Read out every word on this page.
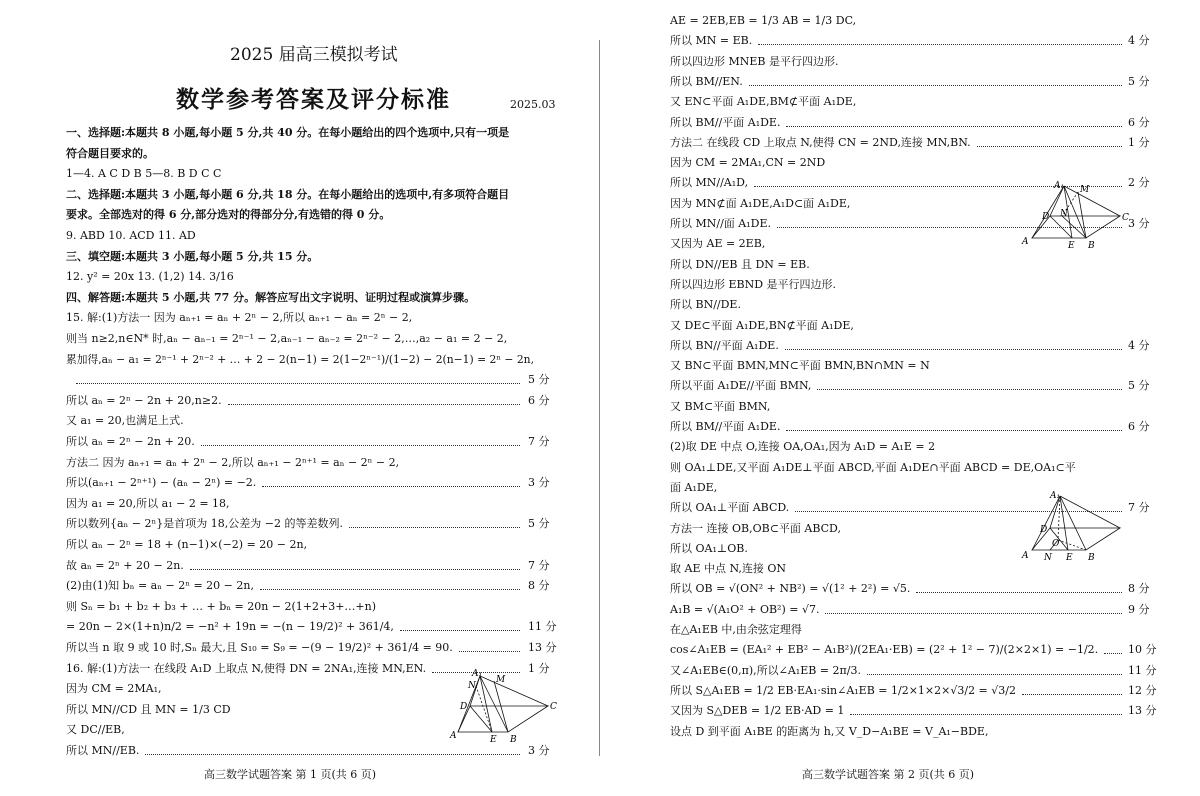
2025 届高三模拟考试
数学参考答案及评分标准	2025.03
一、选择题:本题共 8 小题,每小题 5 分,共 40 分。在每小题给出的四个选项中,只有一项是
符合题目要求的。
1—4. A C D B 5—8. B D C C
二、选择题:本题共 3 小题,每小题 6 分,共 18 分。在每小题给出的选项中,有多项符合题目
要求。全部选对的得 6 分,部分选对的得部分分,有选错的得 0 分。
9. ABD 10. ACD 11. AD
三、填空题:本题共 3 小题,每小题 5 分,共 15 分。
12. y² = 20x 13. (1,2) 14. 3/16
四、解答题:本题共 5 小题,共 77 分。解答应写出文字说明、证明过程或演算步骤。
15. 解:(1)方法一 因为 aₙ₊₁ = aₙ + 2ⁿ − 2,所以 aₙ₊₁ − aₙ = 2ⁿ − 2,
则当 n≥2,n∈N* 时,aₙ − aₙ₋₁ = 2ⁿ⁻¹ − 2,aₙ₋₁ − aₙ₋₂ = 2ⁿ⁻² − 2,…,a₂ − a₁ = 2 − 2,
累加得,aₙ − a₁ = 2ⁿ⁻¹ + 2ⁿ⁻² + … + 2 − 2(n−1) = 2(1−2ⁿ⁻¹)/(1−2) − 2(n−1) = 2ⁿ − 2n,
5 分
所以 aₙ = 2ⁿ − 2n + 20,n≥2.	6 分
又 a₁ = 20,也满足上式.
所以 aₙ = 2ⁿ − 2n + 20.	7 分
方法二 因为 aₙ₊₁ = aₙ + 2ⁿ − 2,所以 aₙ₊₁ − 2ⁿ⁺¹ = aₙ − 2ⁿ − 2,
所以(aₙ₊₁ − 2ⁿ⁺¹) − (aₙ − 2ⁿ) = −2.	3 分
因为 a₁ = 20,所以 a₁ − 2 = 18,
所以数列{aₙ − 2ⁿ}是首项为 18,公差为 −2 的等差数列.	5 分
所以 aₙ − 2ⁿ = 18 + (n−1)×(−2) = 20 − 2n,
故 aₙ = 2ⁿ + 20 − 2n.	7 分
(2)由(1)知 bₙ = aₙ − 2ⁿ = 20 − 2n,	8 分
则 Sₙ = b₁ + b₂ + b₃ + … + bₙ = 20n − 2(1+2+3+…+n)
= 20n − 2×(1+n)n/2 = −n² + 19n = −(n − 19/2)² + 361/4,	11 分
所以当 n 取 9 或 10 时,Sₙ 最大,且 S₁₀ = S₉ = −(9 − 19/2)² + 361/4 = 90.	13 分
16. 解:(1)方法一 在线段 A₁D 上取点 N,使得 DN = 2NA₁,连接 MN,EN.	1 分
因为 CM = 2MA₁,
所以 MN//CD 且 MN = 1/3 CD
又 DC//EB,
所以 MN//EB.	3 分
高三数学试题答案 第 1 页(共 6 页)
AE = 2EB,EB = 1/3 AB = 1/3 DC,
所以 MN = EB.	4 分
所以四边形 MNEB 是平行四边形.
所以 BM//EN.	5 分
又 EN⊂平面 A₁DE,BM⊄平面 A₁DE,
所以 BM//平面 A₁DE.	6 分
方法二 在线段 CD 上取点 N,使得 CN = 2ND,连接 MN,BN.	1 分
因为 CM = 2MA₁,CN = 2ND
所以 MN//A₁D,	2 分
因为 MN⊄面 A₁DE,A₁D⊂面 A₁DE,
所以 MN//面 A₁DE.	3 分
又因为 AE = 2EB,
所以 DN//EB 且 DN = EB.
所以四边形 EBND 是平行四边形.
所以 BN//DE.
又 DE⊂平面 A₁DE,BN⊄平面 A₁DE,
所以 BN//平面 A₁DE.	4 分
又 BN⊂平面 BMN,MN⊂平面 BMN,BN∩MN = N
所以平面 A₁DE//平面 BMN,	5 分
又 BM⊂平面 BMN,
所以 BM//平面 A₁DE.	6 分
(2)取 DE 中点 O,连接 OA,OA₁,因为 A₁D = A₁E = 2
则 OA₁⊥DE,又平面 A₁DE⊥平面 ABCD,平面 A₁DE∩平面 ABCD = DE,OA₁⊂平
面 A₁DE,
所以 OA₁⊥平面 ABCD.	7 分
方法一 连接 OB,OB⊂平面 ABCD,
所以 OA₁⊥OB.
取 AE 中点 N,连接 ON
所以 OB = √(ON² + NB²) = √(1² + 2²) = √5.	8 分
A₁B = √(A₁O² + OB²) = √7.	9 分
在△A₁EB 中,由余弦定理得
cos∠A₁EB = (EA₁² + EB² − A₁B²)/(2EA₁·EB) = (2² + 1² − 7)/(2×2×1) = −1/2.	10 分
又∠A₁EB∈(0,π),所以∠A₁EB = 2π/3.	11 分
所以 S△A₁EB = 1/2 EB·EA₁·sin∠A₁EB = 1/2×1×2×√3/2 = √3/2	12 分
又因为 S△DEB = 1/2 EB·AD = 1	13 分
设点 D 到平面 A₁BE 的距离为 h,又 V_D−A₁BE = V_A₁−BDE,
高三数学试题答案 第 2 页(共 6 页)
A₁
M
N
D	C
A	E B
A₁ M
N
D	C
A	E B
A₁
D
O
A N E B
